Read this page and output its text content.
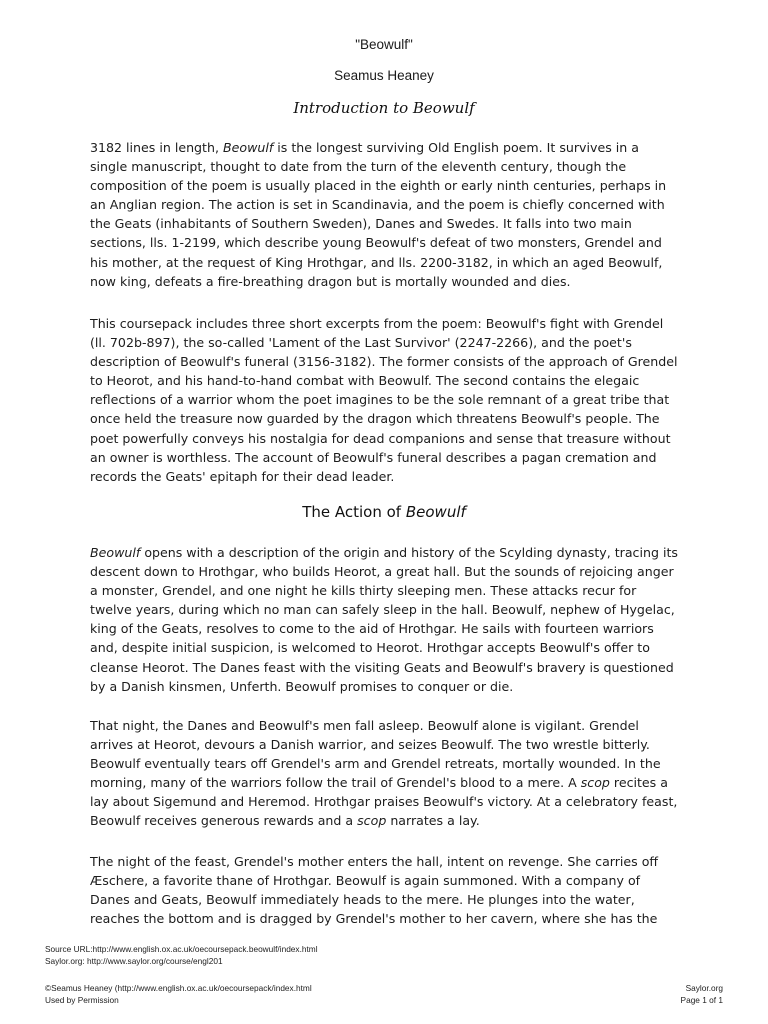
"Beowulf"
Seamus Heaney
Introduction to Beowulf

3182 lines in length, Beowulf is the longest surviving Old English poem. It survives in a single manuscript, thought to date from the turn of the eleventh century, though the composition of the poem is usually placed in the eighth or early ninth centuries, perhaps in an Anglian region. The action is set in Scandinavia, and the poem is chiefly concerned with the Geats (inhabitants of Southern Sweden), Danes and Swedes. It falls into two main sections, lls. 1-2199, which describe young Beowulf's defeat of two monsters, Grendel and his mother, at the request of King Hrothgar, and lls. 2200-3182, in which an aged Beowulf, now king, defeats a fire-breathing dragon but is mortally wounded and dies.

This coursepack includes three short excerpts from the poem: Beowulf's fight with Grendel (ll. 702b-897), the so-called 'Lament of the Last Survivor' (2247-2266), and the poet's description of Beowulf's funeral (3156-3182). The former consists of the approach of Grendel to Heorot, and his hand-to-hand combat with Beowulf. The second contains the elegaic reflections of a warrior whom the poet imagines to be the sole remnant of a great tribe that once held the treasure now guarded by the dragon which threatens Beowulf's people. The poet powerfully conveys his nostalgia for dead companions and sense that treasure without an owner is worthless. The account of Beowulf's funeral describes a pagan cremation and records the Geats' epitaph for their dead leader.

The Action of Beowulf

Beowulf opens with a description of the origin and history of the Scylding dynasty, tracing its descent down to Hrothgar, who builds Heorot, a great hall. But the sounds of rejoicing anger a monster, Grendel, and one night he kills thirty sleeping men. These attacks recur for twelve years, during which no man can safely sleep in the hall. Beowulf, nephew of Hygelac, king of the Geats, resolves to come to the aid of Hrothgar. He sails with fourteen warriors and, despite initial suspicion, is welcomed to Heorot. Hrothgar accepts Beowulf's offer to cleanse Heorot. The Danes feast with the visiting Geats and Beowulf's bravery is questioned by a Danish kinsmen, Unferth. Beowulf promises to conquer or die.

That night, the Danes and Beowulf's men fall asleep. Beowulf alone is vigilant. Grendel arrives at Heorot, devours a Danish warrior, and seizes Beowulf. The two wrestle bitterly. Beowulf eventually tears off Grendel's arm and Grendel retreats, mortally wounded. In the morning, many of the warriors follow the trail of Grendel's blood to a mere. A scop recites a lay about Sigemund and Heremod. Hrothgar praises Beowulf's victory. At a celebratory feast, Beowulf receives generous rewards and a scop narrates a lay.

The night of the feast, Grendel's mother enters the hall, intent on revenge. She carries off Æschere, a favorite thane of Hrothgar. Beowulf is again summoned. With a company of Danes and Geats, Beowulf immediately heads to the mere. He plunges into the water, reaches the bottom and is dragged by Grendel's mother to her cavern, where she has the

Source URL:http://www.english.ox.ac.uk/oecoursepack.beowulf/index.html
Saylor.org: http://www.saylor.org/course/engl201
©Seamus Heaney (http://www.english.ox.ac.uk/oecoursepack/index.html
Used by Permission
Saylor.org
Page 1 of 1
